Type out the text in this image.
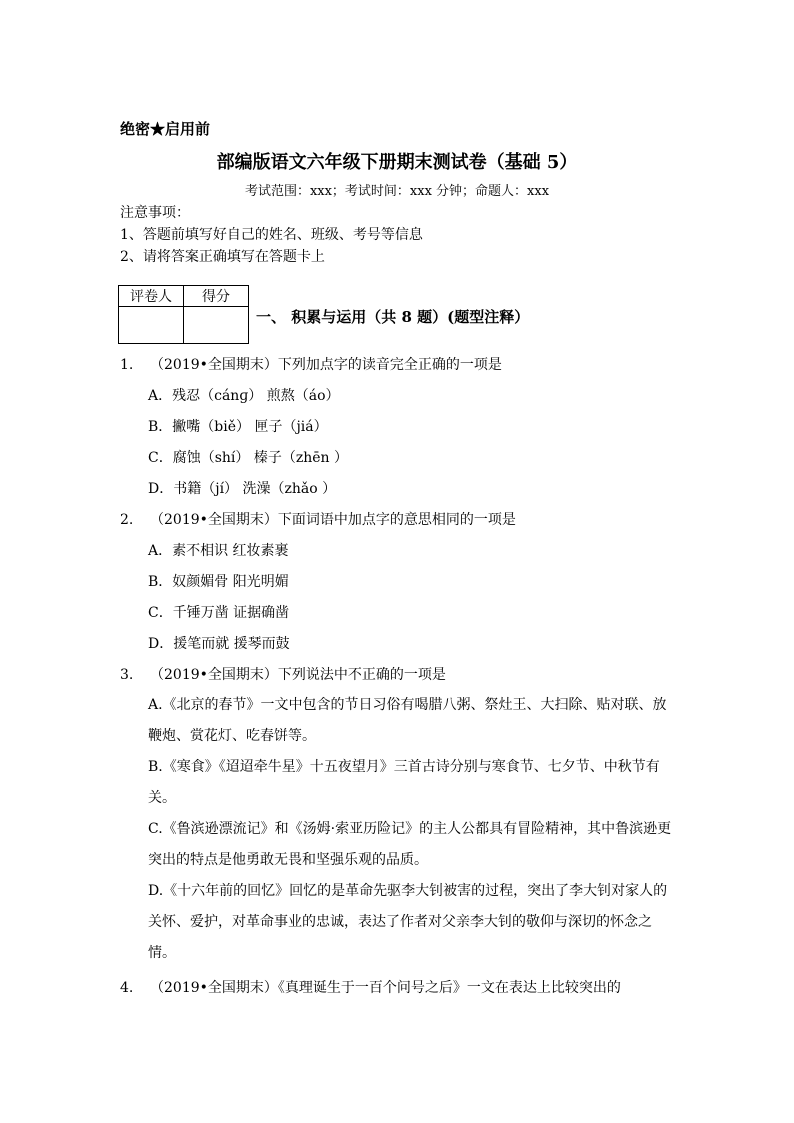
绝密★启用前
部编版语文六年级下册期末测试卷（基础 5）
考试范围：xxx；考试时间：xxx 分钟；命题人：xxx
注意事项：
1、答题前填写好自己的姓名、班级、考号等信息
2、请将答案正确填写在答题卡上
评卷人	得分

一、 积累与运用（共 8 题）(题型注释）
1. （2019•全国期末）下列加点字的读音完全正确的一项是
A．残忍（cánɡ） 煎熬（áo）
B．撇嘴（biě） 匣子（jiá）
C．腐蚀（shí） 榛子（zhēn ）
D．书籍（jí） 洗澡（zhǎo ）
2. （2019•全国期末）下面词语中加点字的意思相同的一项是
A．素不相识 红妆素裹
B．奴颜媚骨 阳光明媚
C．千锤万凿 证据确凿
D．援笔而就 援琴而鼓
3. （2019•全国期末）下列说法中不正确的一项是
A.《北京的春节》一文中包含的节日习俗有喝腊八粥、祭灶王、大扫除、贴对联、放鞭炮、赏花灯、吃春饼等。
B.《寒食》《迢迢牵牛星》十五夜望月》三首古诗分别与寒食节、七夕节、中秋节有关。
C.《鲁滨逊漂流记》和《汤姆·索亚历险记》的主人公都具有冒险精神，其中鲁滨逊更突出的特点是他勇敢无畏和坚强乐观的品质。
D.《十六年前的回忆》回忆的是革命先驱李大钊被害的过程，突出了李大钊对家人的关怀、爱护，对革命事业的忠诚，表达了作者对父亲李大钊的敬仰与深切的怀念之情。
4. （2019•全国期末）《真理诞生于一百个问号之后》一文在表达上比较突出的
